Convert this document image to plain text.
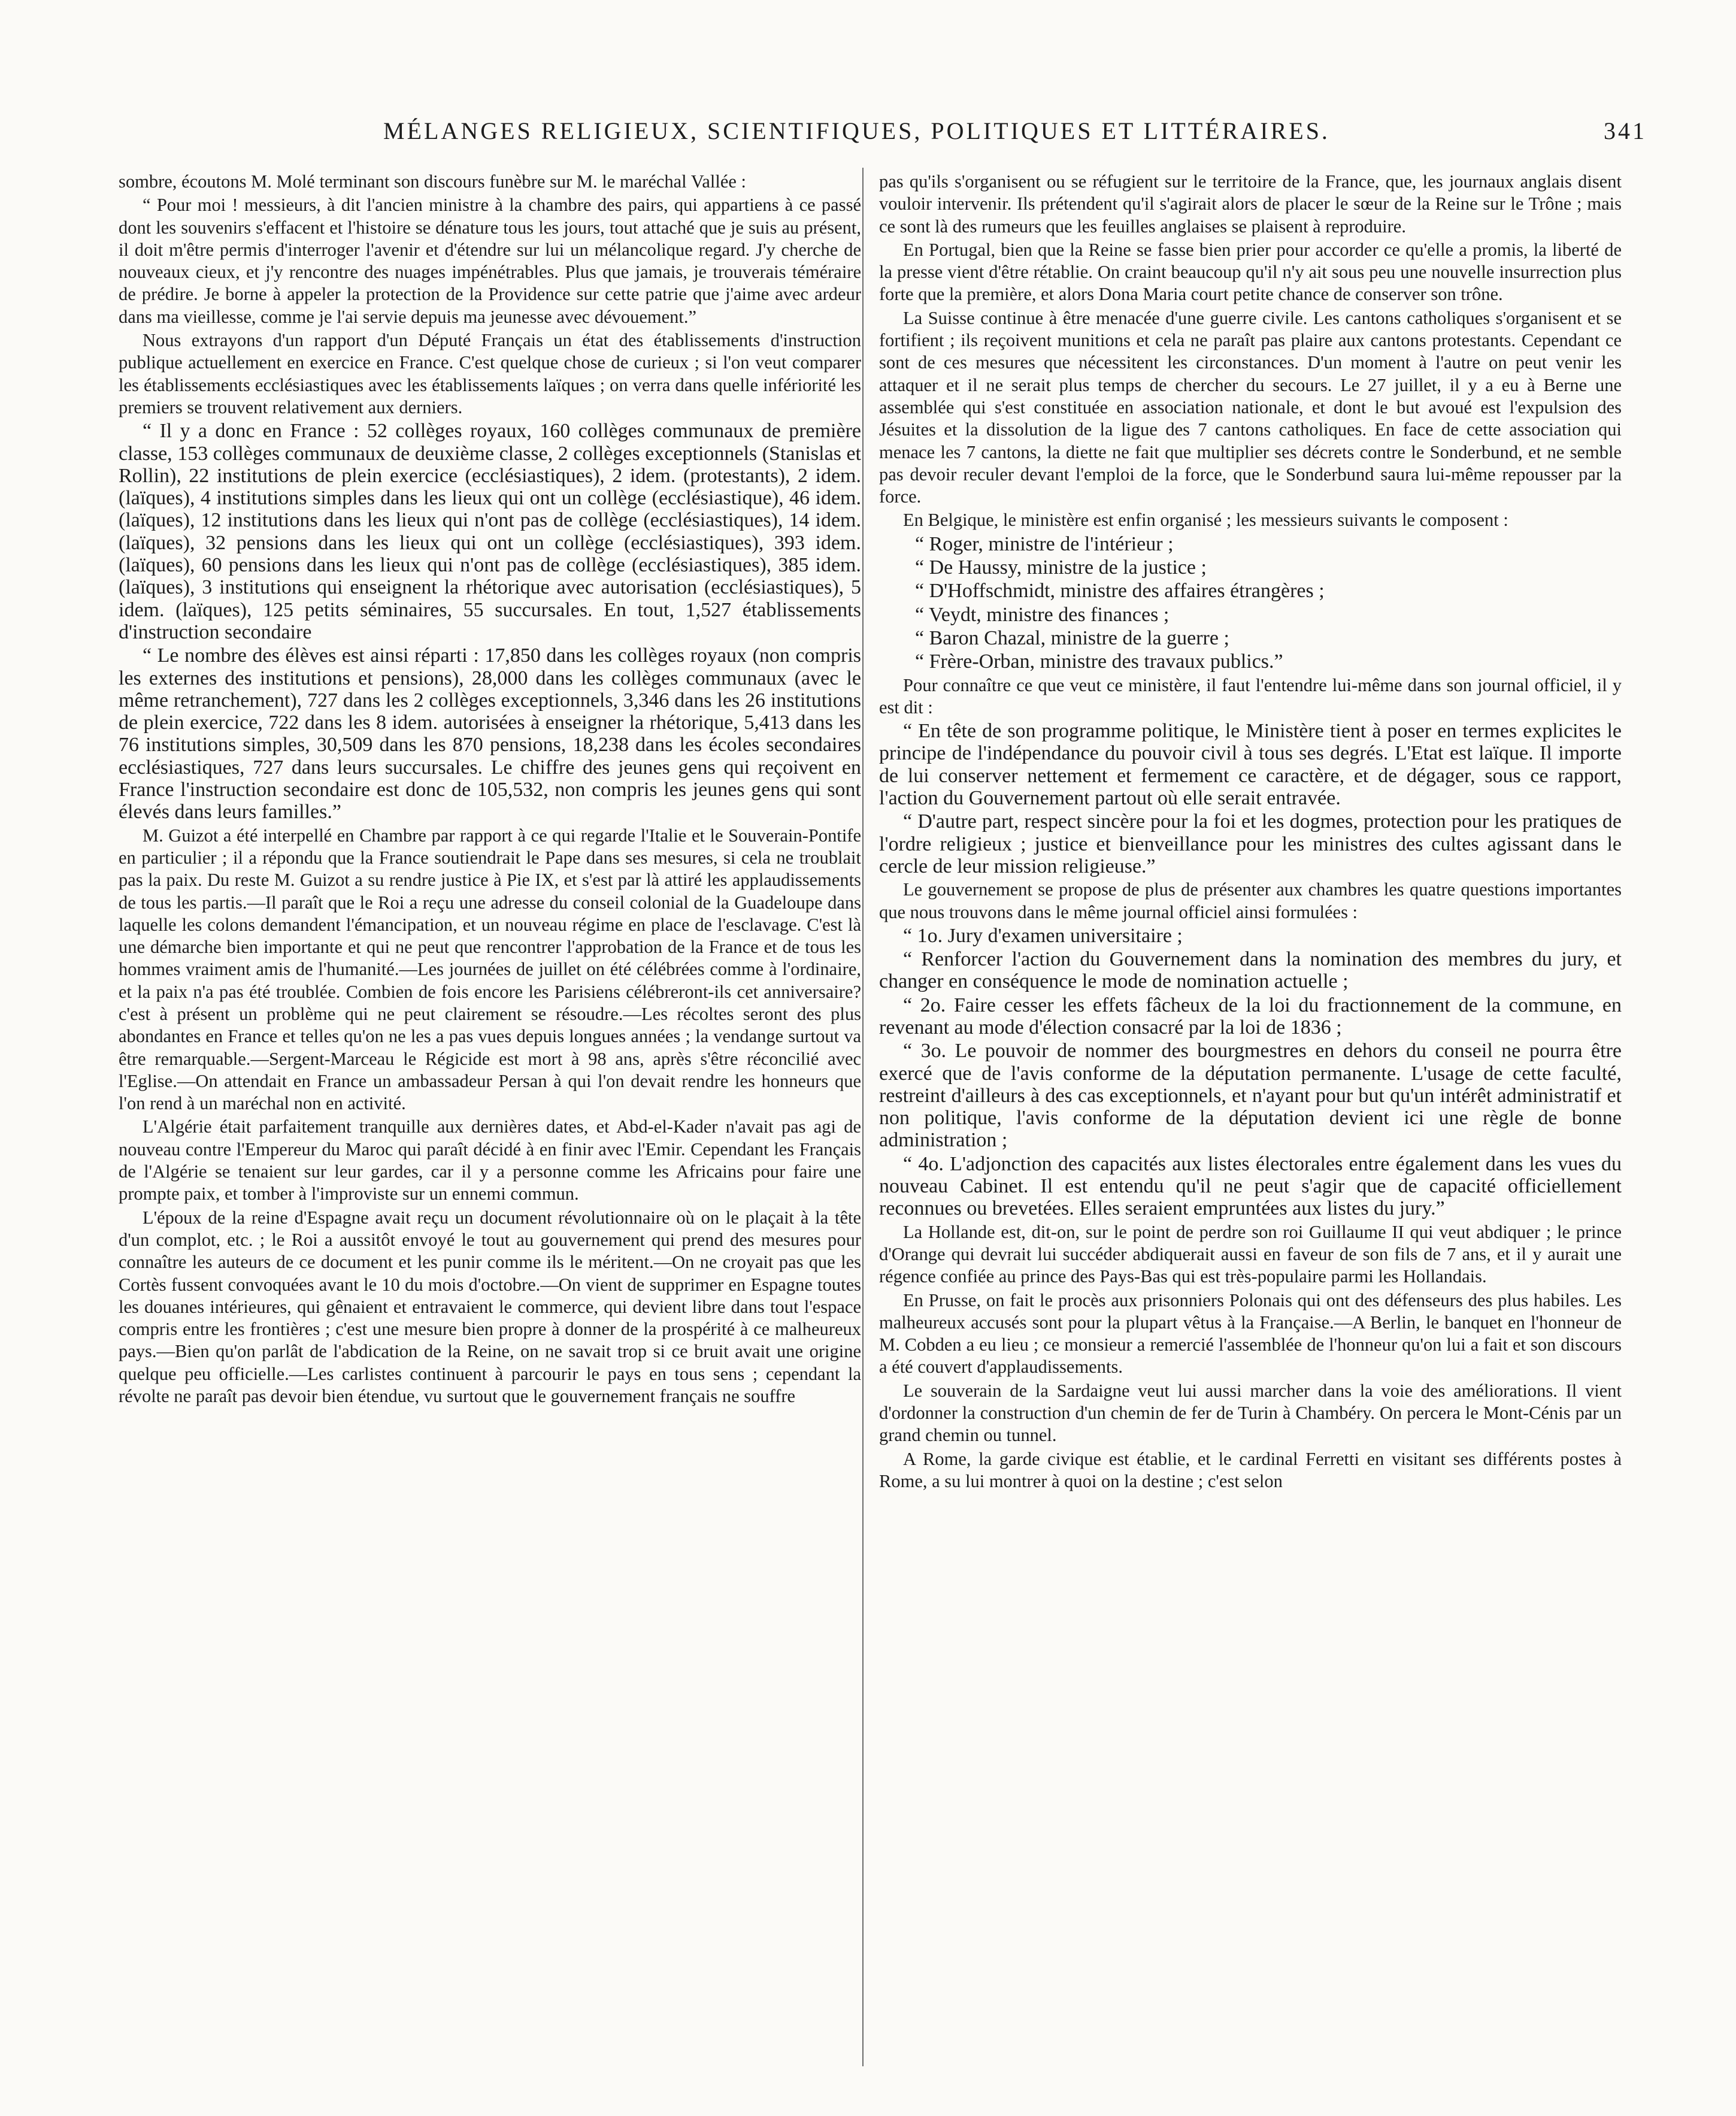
MÉLANGES RELIGIEUX, SCIENTIFIQUES, POLITIQUES ET LITTÉRAIRES.	341

sombre, écoutons M. Molé terminant son discours funèbre sur M. le maréchal Vallée :

“ Pour moi ! messieurs, à dit l'ancien ministre à la chambre des pairs, qui appartiens à ce passé dont les souvenirs s'effacent et l'histoire se dénature tous les jours, tout attaché que je suis au présent, il doit m'être permis d'interroger l'avenir et d'étendre sur lui un mélancolique regard. J'y cherche de nouveaux cieux, et j'y rencontre des nuages impénétrables. Plus que jamais, je trouverais téméraire de prédire. Je borne à appeler la protection de la Providence sur cette patrie que j'aime avec ardeur dans ma vieillesse, comme je l'ai servie depuis ma jeunesse avec dévouement.”

Nous extrayons d'un rapport d'un Député Français un état des établissements d'instruction publique actuellement en exercice en France. C'est quelque chose de curieux ; si l'on veut comparer les établissements ecclésiastiques avec les établissements laïques ; on verra dans quelle infériorité les premiers se trouvent relativement aux derniers.

“ Il y a donc en France : 52 collèges royaux, 160 collèges communaux de première classe, 153 collèges communaux de deuxième classe, 2 collèges exceptionnels (Stanislas et Rollin), 22 institutions de plein exercice (ecclésiastiques), 2 idem. (protestants), 2 idem. (laïques), 4 institutions simples dans les lieux qui ont un collège (ecclésiastique), 46 idem. (laïques), 12 institutions dans les lieux qui n'ont pas de collège (ecclésiastiques), 14 idem. (laïques), 32 pensions dans les lieux qui ont un collège (ecclésiastiques), 393 idem. (laïques), 60 pensions dans les lieux qui n'ont pas de collège (ecclésiastiques), 385 idem. (laïques), 3 institutions qui enseignent la rhétorique avec autorisation (ecclésiastiques), 5 idem. (laïques), 125 petits séminaires, 55 succursales. En tout, 1,527 établissements d'instruction secondaire

“ Le nombre des élèves est ainsi réparti : 17,850 dans les collèges royaux (non compris les externes des institutions et pensions), 28,000 dans les collèges communaux (avec le même retranchement), 727 dans les 2 collèges exceptionnels, 3,346 dans les 26 institutions de plein exercice, 722 dans les 8 idem. autorisées à enseigner la rhétorique, 5,413 dans les 76 institutions simples, 30,509 dans les 870 pensions, 18,238 dans les écoles secondaires ecclésiastiques, 727 dans leurs succursales. Le chiffre des jeunes gens qui reçoivent en France l'instruction secondaire est donc de 105,532, non compris les jeunes gens qui sont élevés dans leurs familles.”

M. Guizot a été interpellé en Chambre par rapport à ce qui regarde l'Italie et le Souverain-Pontife en particulier ; il a répondu que la France soutiendrait le Pape dans ses mesures, si cela ne troublait pas la paix. Du reste M. Guizot a su rendre justice à Pie IX, et s'est par là attiré les applaudissements de tous les partis.—Il paraît que le Roi a reçu une adresse du conseil colonial de la Guadeloupe dans laquelle les colons demandent l'émancipation, et un nouveau régime en place de l'esclavage. C'est là une démarche bien importante et qui ne peut que rencontrer l'approbation de la France et de tous les hommes vraiment amis de l'humanité.—Les journées de juillet on été célébrées comme à l'ordinaire, et la paix n'a pas été troublée. Combien de fois encore les Parisiens célébreront-ils cet anniversaire? c'est à présent un problème qui ne peut clairement se résoudre.—Les récoltes seront des plus abondantes en France et telles qu'on ne les a pas vues depuis longues années ; la vendange surtout va être remarquable.—Sergent-Marceau le Régicide est mort à 98 ans, après s'être réconcilié avec l'Eglise.—On attendait en France un ambassadeur Persan à qui l'on devait rendre les honneurs que l'on rend à un maréchal non en activité.

L'Algérie était parfaitement tranquille aux dernières dates, et Abd-el-Kader n'avait pas agi de nouveau contre l'Empereur du Maroc qui paraît décidé à en finir avec l'Emir. Cependant les Français de l'Algérie se tenaient sur leur gardes, car il y a personne comme les Africains pour faire une prompte paix, et tomber à l'improviste sur un ennemi commun.

L'époux de la reine d'Espagne avait reçu un document révolutionnaire où on le plaçait à la tête d'un complot, etc. ; le Roi a aussitôt envoyé le tout au gouvernement qui prend des mesures pour connaître les auteurs de ce document et les punir comme ils le méritent.—On ne croyait pas que les Cortès fussent convoquées avant le 10 du mois d'octobre.—On vient de supprimer en Espagne toutes les douanes intérieures, qui gênaient et entravaient le commerce, qui devient libre dans tout l'espace compris entre les frontières ; c'est une mesure bien propre à donner de la prospérité à ce malheureux pays.—Bien qu'on parlât de l'abdication de la Reine, on ne savait trop si ce bruit avait une origine quelque peu officielle.—Les carlistes continuent à parcourir le pays en tous sens ; cependant la révolte ne paraît pas devoir bien étendue, vu surtout que le gouvernement français ne souffre

pas qu'ils s'organisent ou se réfugient sur le territoire de la France, que, les journaux anglais disent vouloir intervenir. Ils prétendent qu'il s'agirait alors de placer le sœur de la Reine sur le Trône ; mais ce sont là des rumeurs que les feuilles anglaises se plaisent à reproduire.

En Portugal, bien que la Reine se fasse bien prier pour accorder ce qu'elle a promis, la liberté de la presse vient d'être rétablie. On craint beaucoup qu'il n'y ait sous peu une nouvelle insurrection plus forte que la première, et alors Dona Maria court petite chance de conserver son trône.

La Suisse continue à être menacée d'une guerre civile. Les cantons catholiques s'organisent et se fortifient ; ils reçoivent munitions et cela ne paraît pas plaire aux cantons protestants. Cependant ce sont de ces mesures que nécessitent les circonstances. D'un moment à l'autre on peut venir les attaquer et il ne serait plus temps de chercher du secours. Le 27 juillet, il y a eu à Berne une assemblée qui s'est constituée en association nationale, et dont le but avoué est l'expulsion des Jésuites et la dissolution de la ligue des 7 cantons catholiques. En face de cette association qui menace les 7 cantons, la diette ne fait que multiplier ses décrets contre le Sonderbund, et ne semble pas devoir reculer devant l'emploi de la force, que le Sonderbund saura lui-même repousser par la force.

En Belgique, le ministère est enfin organisé ; les messieurs suivants le composent :

“ Roger, ministre de l'intérieur ;

“ De Haussy, ministre de la justice ;

“ D'Hoffschmidt, ministre des affaires étrangères ;

“ Veydt, ministre des finances ;

“ Baron Chazal, ministre de la guerre ;

“ Frère-Orban, ministre des travaux publics.”

Pour connaître ce que veut ce ministère, il faut l'entendre lui-même dans son journal officiel, il y est dit :

“ En tête de son programme politique, le Ministère tient à poser en termes explicites le principe de l'indépendance du pouvoir civil à tous ses degrés. L'Etat est laïque. Il importe de lui conserver nettement et fermement ce caractère, et de dégager, sous ce rapport, l'action du Gouvernement partout où elle serait entravée.

“ D'autre part, respect sincère pour la foi et les dogmes, protection pour les pratiques de l'ordre religieux ; justice et bienveillance pour les ministres des cultes agissant dans le cercle de leur mission religieuse.”

Le gouvernement se propose de plus de présenter aux chambres les quatre questions importantes que nous trouvons dans le même journal officiel ainsi formulées :

“ 1o. Jury d'examen universitaire ;

“ Renforcer l'action du Gouvernement dans la nomination des membres du jury, et changer en conséquence le mode de nomination actuelle ;

“ 2o. Faire cesser les effets fâcheux de la loi du fractionnement de la commune, en revenant au mode d'élection consacré par la loi de 1836 ;

“ 3o. Le pouvoir de nommer des bourgmestres en dehors du conseil ne pourra être exercé que de l'avis conforme de la députation permanente. L'usage de cette faculté, restreint d'ailleurs à des cas exceptionnels, et n'ayant pour but qu'un intérêt administratif et non politique, l'avis conforme de la députation devient ici une règle de bonne administration ;

“ 4o. L'adjonction des capacités aux listes électorales entre également dans les vues du nouveau Cabinet. Il est entendu qu'il ne peut s'agir que de capacité officiellement reconnues ou brevetées. Elles seraient empruntées aux listes du jury.”

La Hollande est, dit-on, sur le point de perdre son roi Guillaume II qui veut abdiquer ; le prince d'Orange qui devrait lui succéder abdiquerait aussi en faveur de son fils de 7 ans, et il y aurait une régence confiée au prince des Pays-Bas qui est très-populaire parmi les Hollandais.

En Prusse, on fait le procès aux prisonniers Polonais qui ont des défenseurs des plus habiles. Les malheureux accusés sont pour la plupart vêtus à la Française.—A Berlin, le banquet en l'honneur de M. Cobden a eu lieu ; ce monsieur a remercié l'assemblée de l'honneur qu'on lui a fait et son discours a été couvert d'applaudissements.

Le souverain de la Sardaigne veut lui aussi marcher dans la voie des améliorations. Il vient d'ordonner la construction d'un chemin de fer de Turin à Chambéry. On percera le Mont-Cénis par un grand chemin ou tunnel.

A Rome, la garde civique est établie, et le cardinal Ferretti en visitant ses différents postes à Rome, a su lui montrer à quoi on la destine ; c'est selon
